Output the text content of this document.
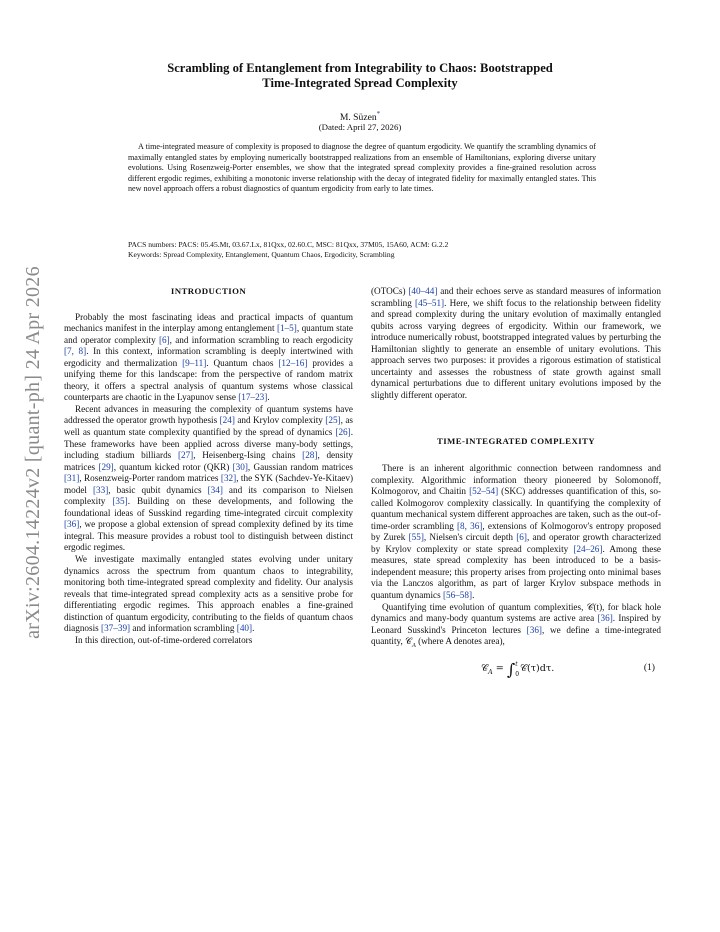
arXiv:2604.14224v2 [quant-ph] 24 Apr 2026
Scrambling of Entanglement from Integrability to Chaos: Bootstrapped
Time-Integrated Spread Complexity
M. Süzen*
(Dated: April 27, 2026)
A time-integrated measure of complexity is proposed to diagnose the degree of quantum ergodicity. We quantify the scrambling dynamics of maximally entangled states by employing numerically bootstrapped realizations from an ensemble of Hamiltonians, exploring diverse unitary evolutions. Using Rosenzweig-Porter ensembles, we show that the integrated spread complexity provides a fine-grained resolution across different ergodic regimes, exhibiting a monotonic inverse relationship with the decay of integrated fidelity for maximally entangled states. This new novel approach offers a robust diagnostics of quantum ergodicity from early to late times.
PACS numbers: PACS: 05.45.Mt, 03.67.Lx, 81Qxx, 02.60.C, MSC: 81Qxx, 37M05, 15A60, ACM: G.2.2
Keywords: Spread Complexity, Entanglement, Quantum Chaos, Ergodicity, Scrambling
INTRODUCTION

Probably the most fascinating ideas and practical impacts of quantum mechanics manifest in the interplay among entanglement [1–5], quantum state and operator complexity [6], and information scrambling to reach ergodicity [7, 8]. In this context, information scrambling is deeply intertwined with ergodicity and thermalization [9–11]. Quantum chaos [12–16] provides a unifying theme for this landscape: from the perspective of random matrix theory, it offers a spectral analysis of quantum systems whose classical counterparts are chaotic in the Lyapunov sense [17–23].

Recent advances in measuring the complexity of quantum systems have addressed the operator growth hypothesis [24] and Krylov complexity [25], as well as quantum state complexity quantified by the spread of dynamics [26]. These frameworks have been applied across diverse many-body settings, including stadium billiards [27], Heisenberg-Ising chains [28], density matrices [29], quantum kicked rotor (QKR) [30], Gaussian random matrices [31], Rosenzweig-Porter random matrices [32], the SYK (Sachdev-Ye-Kitaev) model [33], basic qubit dynamics [34] and its comparison to Nielsen complexity [35]. Building on these developments, and following the foundational ideas of Susskind regarding time-integrated circuit complexity [36], we propose a global extension of spread complexity defined by its time integral. This measure provides a robust tool to distinguish between distinct ergodic regimes.

We investigate maximally entangled states evolving under unitary dynamics across the spectrum from quantum chaos to integrability, monitoring both time-integrated spread complexity and fidelity. Our analysis reveals that time-integrated spread complexity acts as a sensitive probe for differentiating ergodic regimes. This approach enables a fine-grained distinction of quantum ergodicity, contributing to the fields of quantum chaos diagnosis [37–39] and information scrambling [40].

In this direction, out-of-time-ordered correlators

(OTOCs) [40–44] and their echoes serve as standard measures of information scrambling [45–51]. Here, we shift focus to the relationship between fidelity and spread complexity during the unitary evolution of maximally entangled qubits across varying degrees of ergodicity. Within our framework, we introduce numerically robust, bootstrapped integrated values by perturbing the Hamiltonian slightly to generate an ensemble of unitary evolutions. This approach serves two purposes: it provides a rigorous estimation of statistical uncertainty and assesses the robustness of state growth against small dynamical perturbations due to different unitary evolutions imposed by the slightly different operator.

TIME-INTEGRATED COMPLEXITY

There is an inherent algorithmic connection between randomness and complexity. Algorithmic information theory pioneered by Solomonoff, Kolmogorov, and Chaitin [52–54] (SKC) addresses quantification of this, so-called Kolmogorov complexity classically. In quantifying the complexity of quantum mechanical system different approaches are taken, such as the out-of-time-order scrambling [8, 36], extensions of Kolmogorov's entropy proposed by Zurek [55], Nielsen's circuit depth [6], and operator growth characterized by Krylov complexity or state spread complexity [24–26]. Among these measures, state spread complexity has been introduced to be a basis-independent measure; this property arises from projecting onto minimal bases via the Lanczos algorithm, as part of larger Krylov subspace methods in quantum dynamics [56–58].

Quantifying time evolution of quantum complexities, 𝒞(t), for black hole dynamics and many-body quantum systems are active area [36]. Inspired by Leonard Susskind's Princeton lectures [36], we define a time-integrated quantity, 𝒞$_A$ (where A denotes area),

𝒞$_A$ = ∫ t
0
𝒞(τ)dτ.	(1)
